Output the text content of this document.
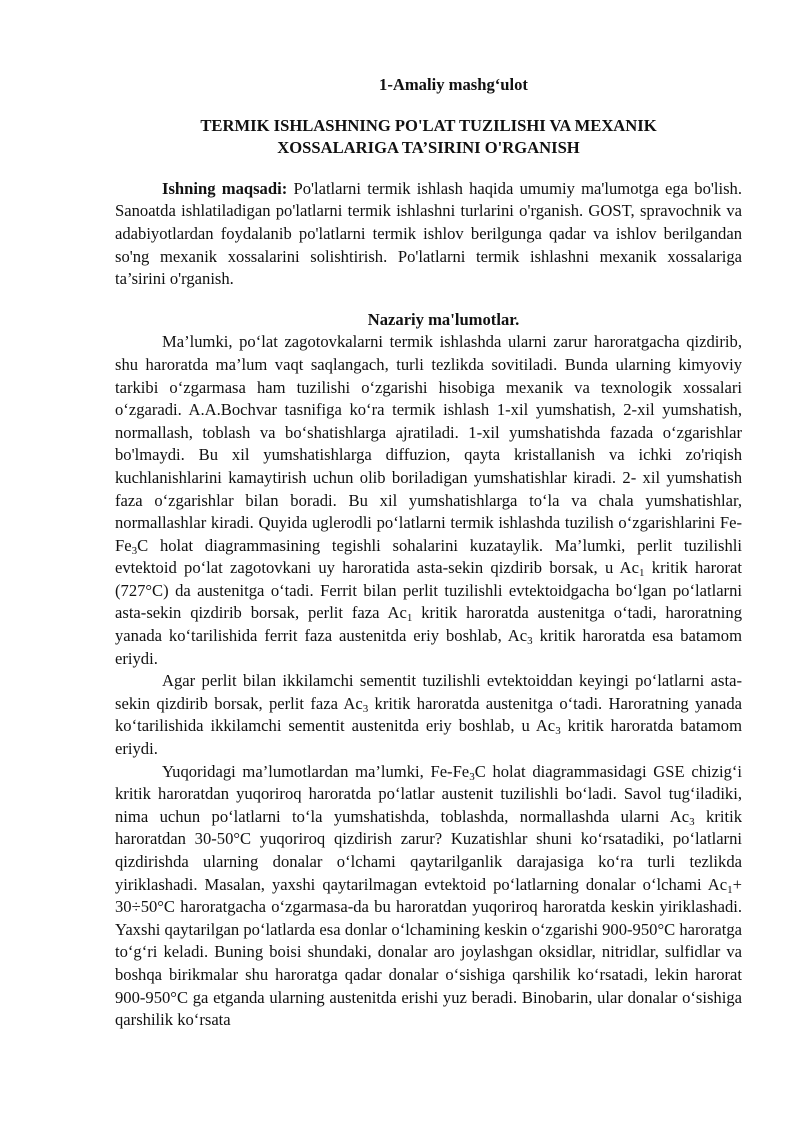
1-Amaliy mashg‘ulot
TERMIK ISHLASHNING PO'LAT TUZILISHI VA MEXANIK
XOSSALARIGA TA’SIRINI O'RGANISH

Ishning maqsadi: Po'latlarni termik ishlash haqida umumiy ma'lumotga ega bo'lish. Sanoatda ishlatiladigan po'latlarni termik ishlashni turlarini o'rganish. GOST, spravochnik va adabiyotlardan foydalanib po'latlarni termik ishlov berilgunga qadar va ishlov berilgandan so'ng mexanik xossalarini solishtirish. Po'latlarni termik ishlashni mexanik xossalariga ta’sirini o'rganish.

Nazariy ma'lumotlar.

Ma’lumki, po‘lat zagotovkalarni termik ishlashda ularni zarur haroratgacha qizdirib, shu haroratda ma’lum vaqt saqlangach, turli tezlikda sovitiladi. Bunda ularning kimyoviy tarkibi o‘zgarmasa ham tuzilishi o‘zgarishi hisobiga mexanik va texnologik xossalari o‘zgaradi. A.A.Bochvar tasnifiga ko‘ra termik ishlash 1-xil yumshatish, 2-xil yumshatish, normallash, toblash va bo‘shatishlarga ajratiladi. 1-xil yumshatishda fazada o‘zgarishlar bo'lmaydi. Bu xil yumshatishlarga diffuzion, qayta kristallanish va ichki zo'riqish kuchlanishlarini kamaytirish uchun olib boriladigan yumshatishlar kiradi. 2- xil yumshatish faza o‘zgarishlar bilan boradi. Bu xil yumshatishlarga to‘la va chala yumshatishlar, normallashlar kiradi. Quyida uglerodli po‘latlarni termik ishlashda tuzilish o‘zgarishlarini $Fe-Fe_3C$ holat diagrammasining tegishli sohalarini kuzataylik. Ma’lumki, perlit tuzilishli evtektoid po‘lat zagotovkani uy haroratida asta-sekin qizdirib borsak, u $Ac_1$ kritik harorat (727°C) da austenitga o‘tadi. Ferrit bilan perlit tuzilishli evtektoidgacha bo‘lgan po‘latlarni asta-sekin qizdirib borsak, perlit faza $Ac_1$ kritik haroratda austenitga o‘tadi, haroratning yanada ko‘tarilishida ferrit faza austenitda eriy boshlab, $Ac_3$ kritik haroratda esa batamom eriydi.

Agar perlit bilan ikkilamchi sementit tuzilishli evtektoiddan keyingi po‘latlarni asta-sekin qizdirib borsak, perlit faza $Ac_3$ kritik haroratda austenitga o‘tadi. Haroratning yanada ko‘tarilishida ikkilamchi sementit austenitda eriy boshlab, u $Ac_3$ kritik haroratda batamom eriydi.

Yuqoridagi ma’lumotlardan ma’lumki, $Fe-Fe_3C$ holat diagrammasidagi GSE chizig‘i kritik haroratdan yuqoriroq haroratda po‘latlar austenit tuzilishli bo‘ladi. Savol tug‘iladiki, nima uchun po‘latlarni to‘la yumshatishda, toblashda, normallashda ularni $Ac_3$ kritik haroratdan 30-50°C yuqoriroq qizdirish zarur? Kuzatishlar shuni ko‘rsatadiki, po‘latlarni qizdirishda ularning donalar o‘lchami qaytarilganlik darajasiga ko‘ra turli tezlikda yiriklashadi. Masalan, yaxshi qaytarilmagan evtektoid po‘latlarning donalar o‘lchami $Ac_1+ 30\div 50^\circ C$ haroratgacha o‘zgarmasa-da bu haroratdan yuqoriroq haroratda keskin yiriklashadi. Yaxshi qaytarilgan po‘latlarda esa donlar o‘lchamining keskin o‘zgarishi 900-950°C haroratga to‘g‘ri keladi. Buning boisi shundaki, donalar aro joylashgan oksidlar, nitridlar, sulfidlar va boshqa birikmalar shu haroratga qadar donalar o‘sishiga qarshilik ko‘rsatadi, lekin harorat 900-950°C ga etganda ularning austenitda erishi yuz beradi. Binobarin, ular donalar o‘sishiga qarshilik ko‘rsata
